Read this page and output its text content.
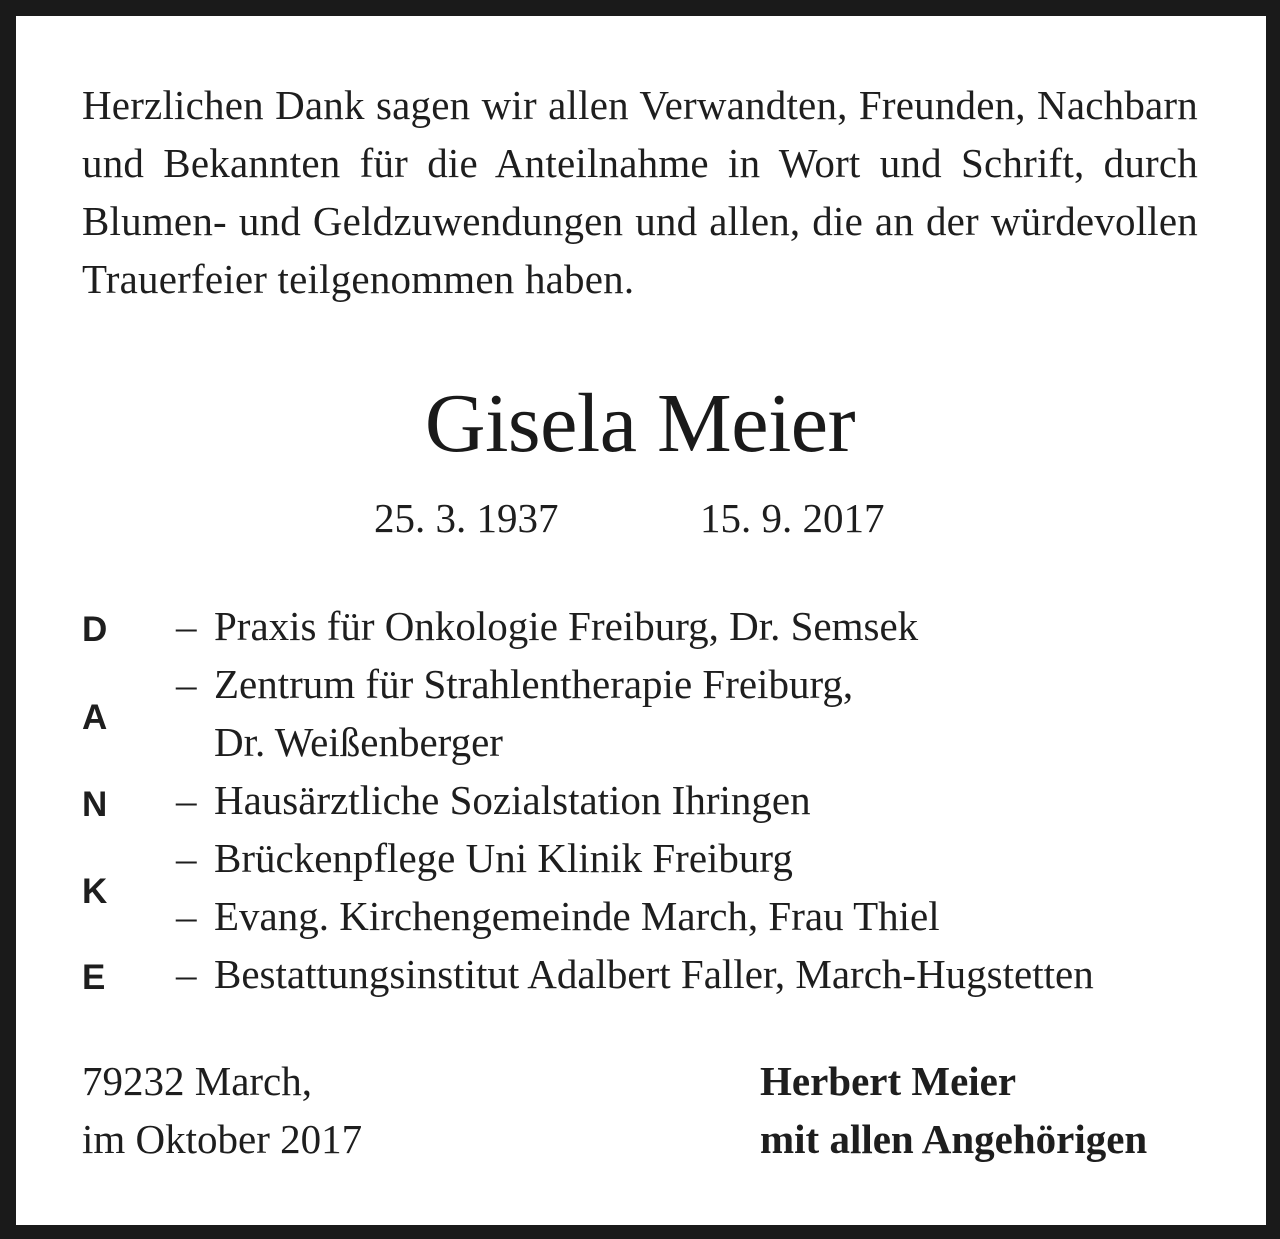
Herzlichen Dank sagen wir allen Verwandten, Freunden, Nachbarn und Bekannten für die Anteilnahme in Wort und Schrift, durch Blumen- und Geldzuwendungen und allen, die an der würdevollen Trauerfeier teilgenommen haben.

Gisela Meier
25. 3. 1937	15. 9. 2017
D
A
N
K
E
– Praxis für Onkologie Freiburg, Dr. Semsek
– Zentrum für Strahlentherapie Freiburg,
Dr. Weißenberger
– Hausärztliche Sozialstation Ihringen
– Brückenpflege Uni Klinik Freiburg
– Evang. Kirchengemeinde March, Frau Thiel
– Bestattungsinstitut Adalbert Faller, March-Hugstetten
79232 March,
im Oktober 2017
Herbert Meier
mit allen Angehörigen
